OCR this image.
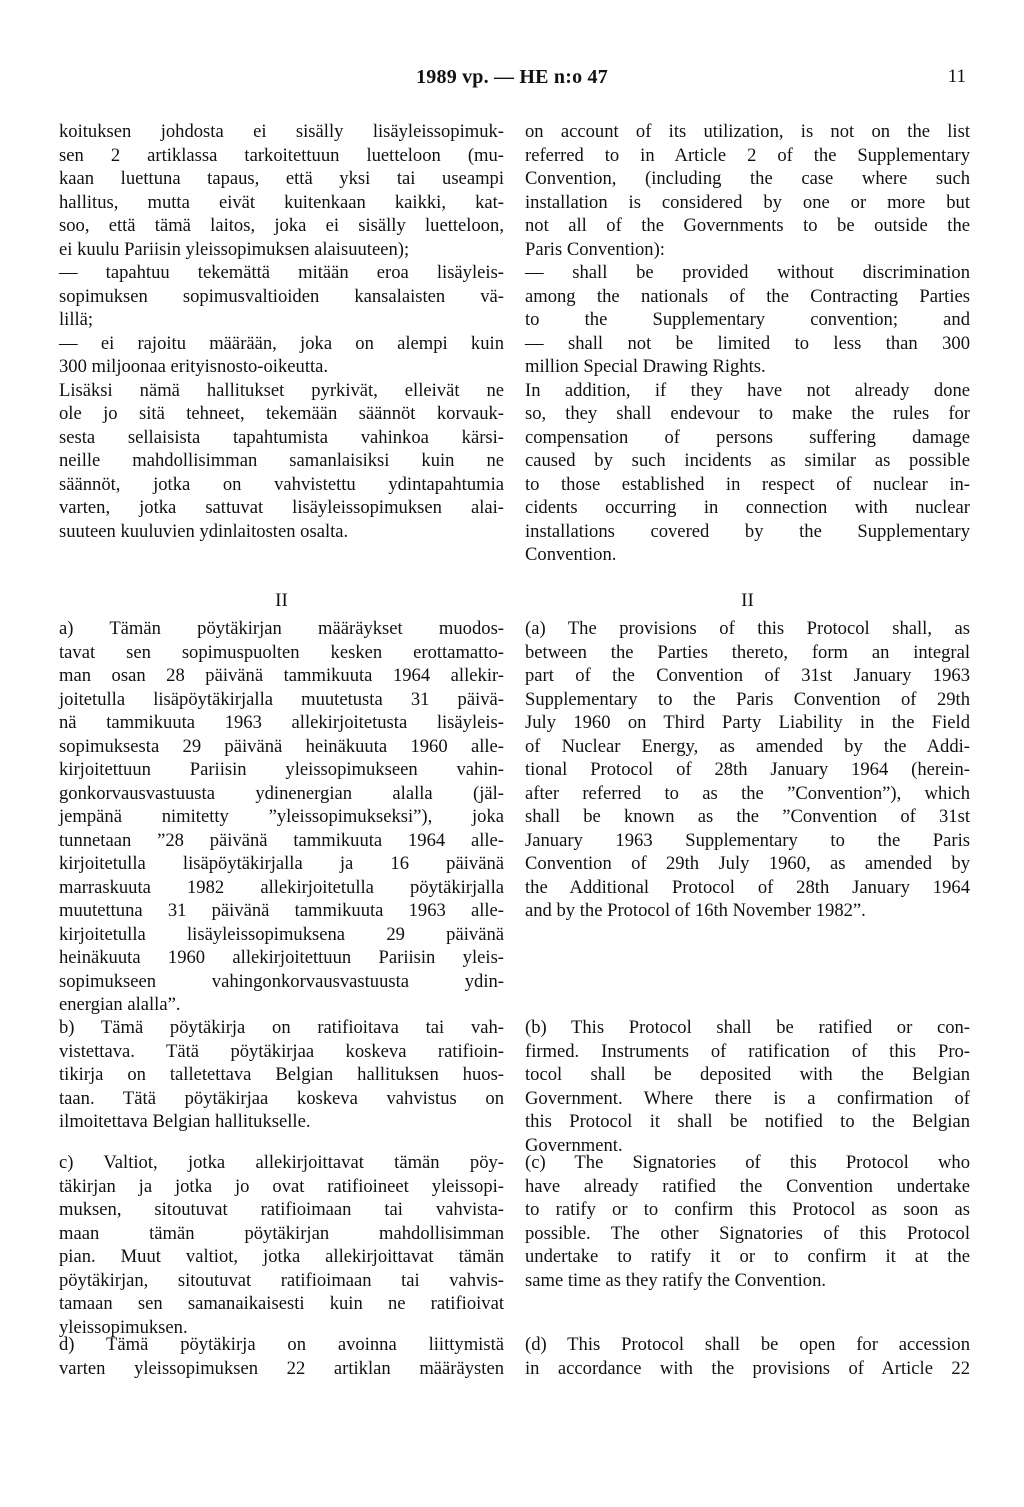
1989 vp. — HE n:o 47	11
koituksen johdosta ei sisälly lisäyleissopimuk-
sen 2 artiklassa tarkoitettuun luetteloon (mu-
kaan luettuna tapaus, että yksi tai useampi
hallitus, mutta eivät kuitenkaan kaikki, kat-
soo, että tämä laitos, joka ei sisälly luetteloon,
ei kuulu Pariisin yleissopimuksen alaisuuteen);
— tapahtuu tekemättä mitään eroa lisäyleis-
sopimuksen sopimusvaltioiden kansalaisten vä-
lillä;
— ei rajoitu määrään, joka on alempi kuin
300 miljoonaa erityisnosto-oikeutta.
Lisäksi nämä hallitukset pyrkivät, elleivät ne
ole jo sitä tehneet, tekemään säännöt korvauk-
sesta sellaisista tapahtumista vahinkoa kärsi-
neille mahdollisimman samanlaisiksi kuin ne
säännöt, jotka on vahvistettu ydintapahtumia
varten, jotka sattuvat lisäyleissopimuksen alai-
suuteen kuuluvien ydinlaitosten osalta.
II
a) Tämän pöytäkirjan määräykset muodos-
tavat sen sopimuspuolten kesken erottamatto-
man osan 28 päivänä tammikuuta 1964 allekir-
joitetulla lisäpöytäkirjalla muutetusta 31 päivä-
nä tammikuuta 1963 allekirjoitetusta lisäyleis-
sopimuksesta 29 päivänä heinäkuuta 1960 alle-
kirjoitettuun Pariisin yleissopimukseen vahin-
gonkorvausvastuusta ydinenergian alalla (jäl-
jempänä nimitetty ”yleissopimukseksi”), joka
tunnetaan ”28 päivänä tammikuuta 1964 alle-
kirjoitetulla lisäpöytäkirjalla ja 16 päivänä
marraskuuta 1982 allekirjoitetulla pöytäkirjalla
muutettuna 31 päivänä tammikuuta 1963 alle-
kirjoitetulla lisäyleissopimuksena 29 päivänä
heinäkuuta 1960 allekirjoitettuun Pariisin yleis-
sopimukseen vahingonkorvausvastuusta ydin-
energian alalla”.
b) Tämä pöytäkirja on ratifioitava tai vah-
vistettava. Tätä pöytäkirjaa koskeva ratifioin-
tikirja on talletettava Belgian hallituksen huos-
taan. Tätä pöytäkirjaa koskeva vahvistus on
ilmoitettava Belgian hallitukselle.
c) Valtiot, jotka allekirjoittavat tämän pöy-
täkirjan ja jotka jo ovat ratifioineet yleissopi-
muksen, sitoutuvat ratifioimaan tai vahvista-
maan tämän pöytäkirjan mahdollisimman
pian. Muut valtiot, jotka allekirjoittavat tämän
pöytäkirjan, sitoutuvat ratifioimaan tai vahvis-
tamaan sen samanaikaisesti kuin ne ratifioivat
yleissopimuksen.
d) Tämä pöytäkirja on avoinna liittymistä
varten yleissopimuksen 22 artiklan määräysten
on account of its utilization, is not on the list
referred to in Article 2 of the Supplementary
Convention, (including the case where such
installation is considered by one or more but
not all of the Governments to be outside the
Paris Convention):
— shall be provided without discrimination
among the nationals of the Contracting Parties
to the Supplementary convention; and
— shall not be limited to less than 300
million Special Drawing Rights.
In addition, if they have not already done
so, they shall endevour to make the rules for
compensation of persons suffering damage
caused by such incidents as similar as possible
to those established in respect of nuclear in-
cidents occurring in connection with nuclear
installations covered by the Supplementary
Convention.
II
(a) The provisions of this Protocol shall, as
between the Parties thereto, form an integral
part of the Convention of 31st January 1963
Supplementary to the Paris Convention of 29th
July 1960 on Third Party Liability in the Field
of Nuclear Energy, as amended by the Addi-
tional Protocol of 28th January 1964 (herein-
after referred to as the ”Convention”), which
shall be known as the ”Convention of 31st
January 1963 Supplementary to the Paris
Convention of 29th July 1960, as amended by
the Additional Protocol of 28th January 1964
and by the Protocol of 16th November 1982”.
(b) This Protocol shall be ratified or con-
firmed. Instruments of ratification of this Pro-
tocol shall be deposited with the Belgian
Government. Where there is a confirmation of
this Protocol it shall be notified to the Belgian
Government.
(c) The Signatories of this Protocol who
have already ratified the Convention undertake
to ratify or to confirm this Protocol as soon as
possible. The other Signatories of this Protocol
undertake to ratify it or to confirm it at the
same time as they ratify the Convention.
(d) This Protocol shall be open for accession
in accordance with the provisions of Article 22
